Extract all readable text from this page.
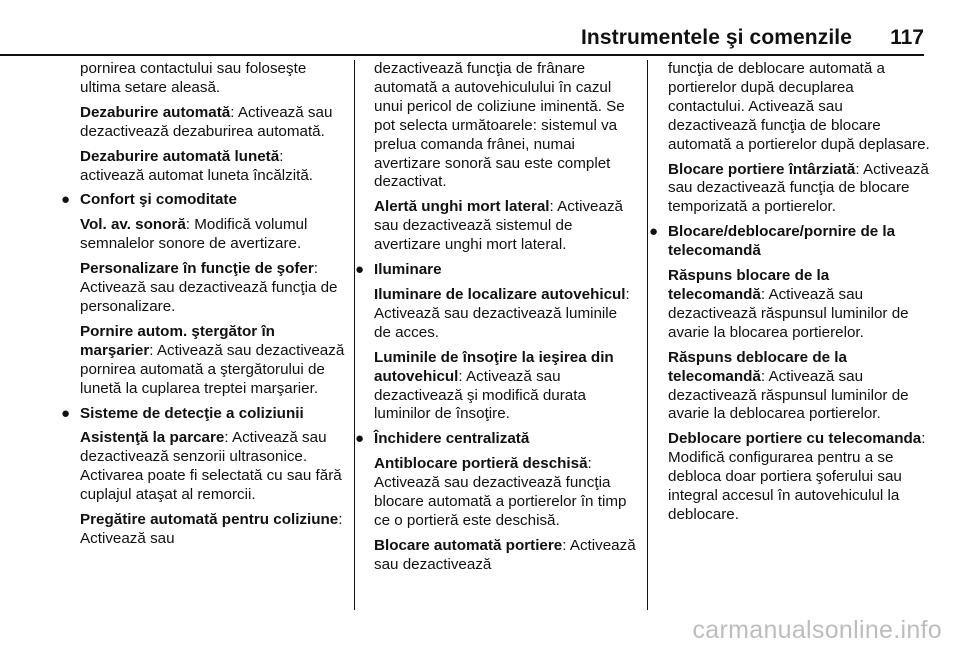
Instrumentele şi comenzile 117
pornirea contactului sau foloseşte ultima setare aleasă.
Dezaburire automată: Activează sau dezactivează dezaburirea automată.
Dezaburire automată lunetă: activează automat luneta încălzită.
● Confort şi comoditate
Vol. av. sonoră: Modifică volumul semnalelor sonore de avertizare.
Personalizare în funcţie de şofer: Activează sau dezactivează funcţia de personalizare.
Pornire autom. ştergător în marşarier: Activează sau dezactivează pornirea automată a ştergătorului de lunetă la cuplarea treptei marşarier.
● Sisteme de detecţie a coliziunii
Asistenţă la parcare: Activează sau dezactivează senzorii ultrasonice. Activarea poate fi selectată cu sau fără cuplajul ataşat al remorcii.
Pregătire automată pentru coliziune: Activează sau
dezactivează funcţia de frânare automată a autovehiculului în cazul unui pericol de coliziune iminentă. Se pot selecta următoarele: sistemul va prelua comanda frânei, numai avertizare sonoră sau este complet dezactivat.
Alertă unghi mort lateral: Activează sau dezactivează sistemul de avertizare unghi mort lateral.
● Iluminare
Iluminare de localizare autovehicul: Activează sau dezactivează luminile de acces.
Luminile de însoţire la ieşirea din autovehicul: Activează sau dezactivează şi modifică durata luminilor de însoţire.
● Închidere centralizată
Antiblocare portieră deschisă: Activează sau dezactivează funcţia blocare automată a portierelor în timp ce o portieră este deschisă.
Blocare automată portiere: Activează sau dezactivează
funcţia de deblocare automată a portierelor după decuplarea contactului. Activează sau dezactivează funcţia de blocare automată a portierelor după deplasare.
Blocare portiere întârziată: Activează sau dezactivează funcţia de blocare temporizată a portierelor.
● Blocare/deblocare/pornire de la telecomandă
Răspuns blocare de la telecomandă: Activează sau dezactivează răspunsul luminilor de avarie la blocarea portierelor.
Răspuns deblocare de la telecomandă: Activează sau dezactivează răspunsul luminilor de avarie la deblocarea portierelor.
Deblocare portiere cu telecomanda: Modifică configurarea pentru a se debloca doar portiera şoferului sau integral accesul în autovehiculul la deblocare.
carmanualsonline.info
